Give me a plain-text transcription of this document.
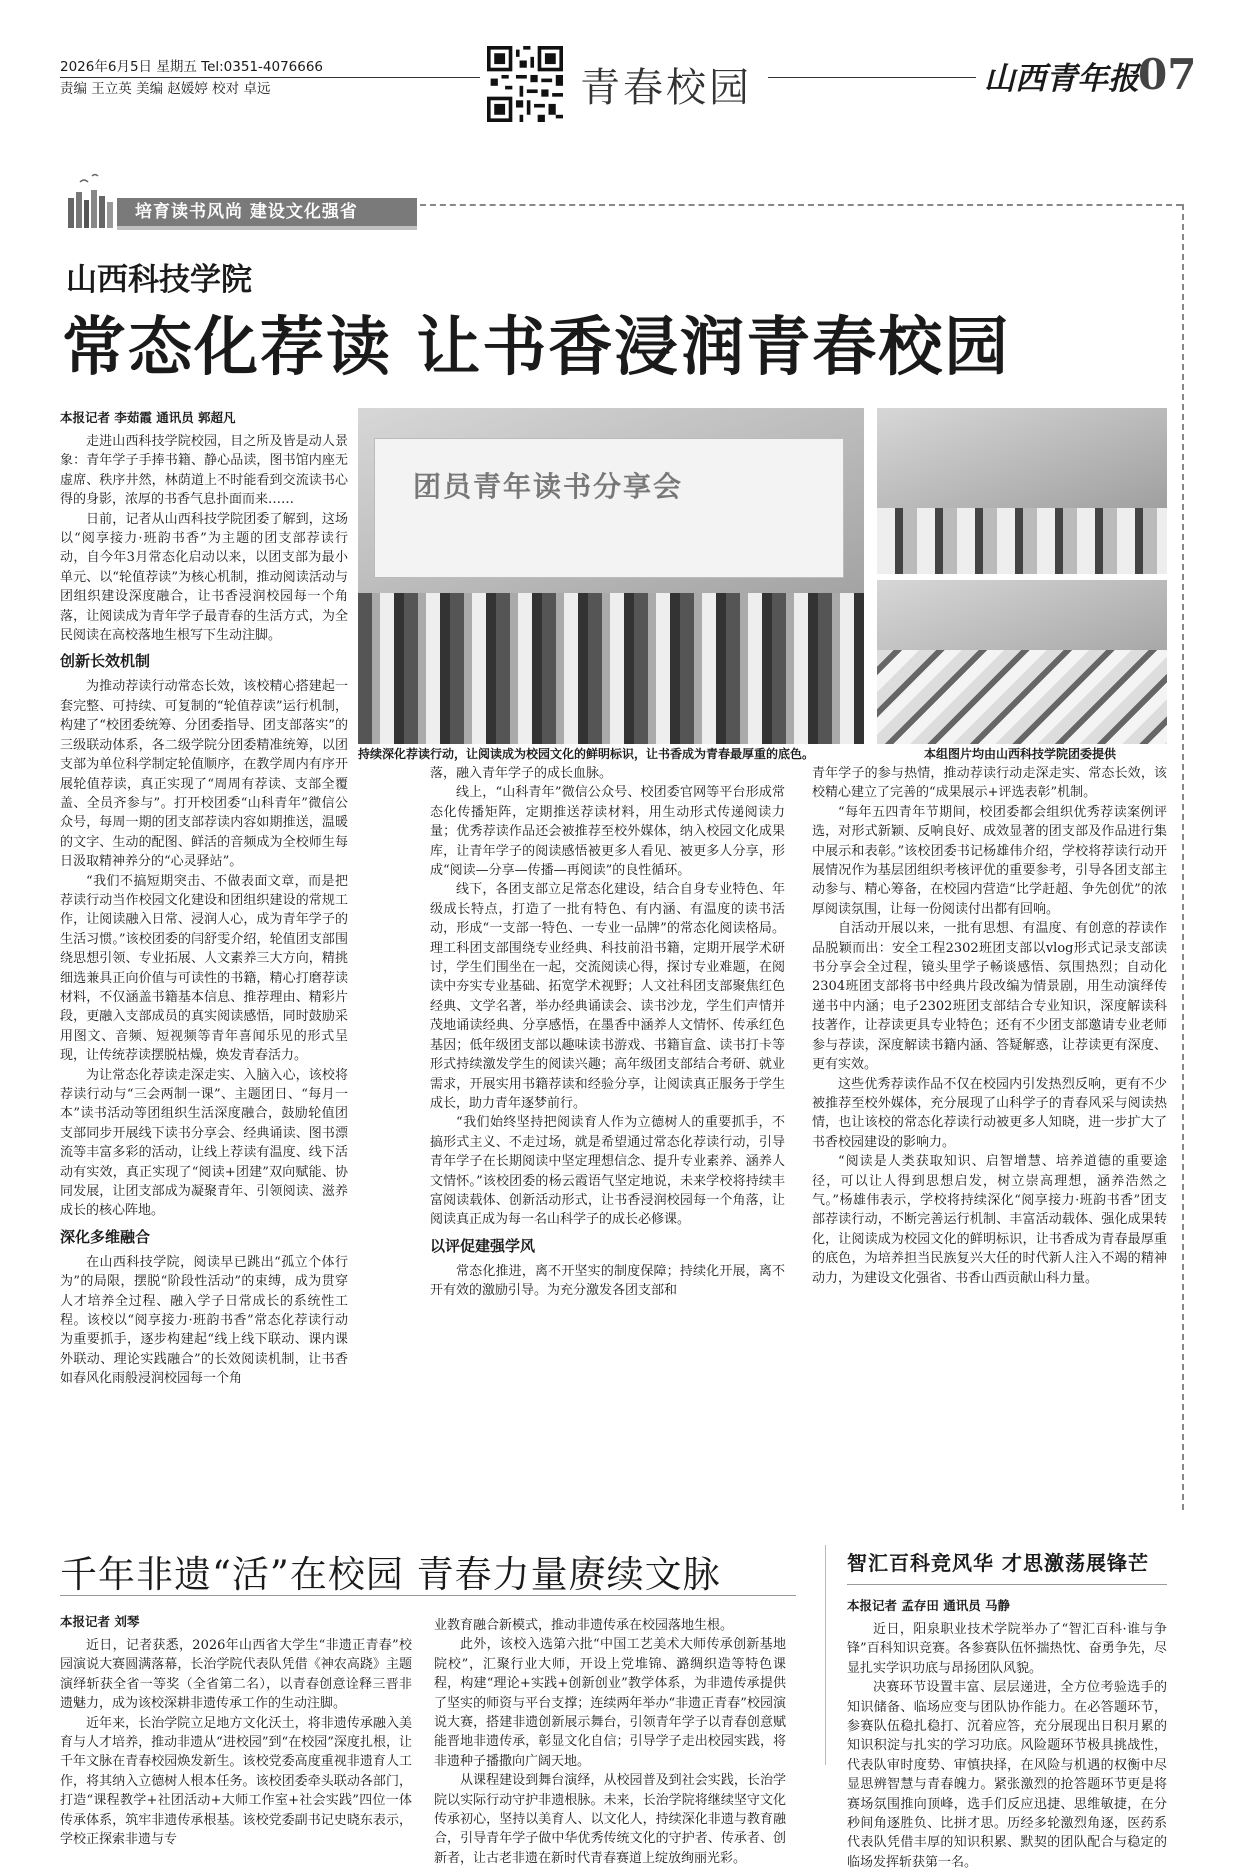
2026年6月5日 星期五 Tel:0351-4076666
责编 王立英 美编 赵媛婷 校对 卓远	青春校园	山西青年报 07
培育读书风尚 建设文化强省
山西科技学院
常态化荐读 让书香浸润青春校园
本报记者 李茹霞 通讯员 郭超凡
团员青年读书分享会
持续深化荐读行动，让阅读成为校园文化的鲜明标识，让书香成为青春最厚重的底色。	本组图片均由山西科技学院团委提供

走进山西科技学院校园，目之所及皆是动人景象：青年学子手捧书籍、静心品读，图书馆内座无虚席、秩序井然，林荫道上不时能看到交流读书心得的身影，浓厚的书香气息扑面而来……

日前，记者从山西科技学院团委了解到，这场以“阅享接力·班韵书香”为主题的团支部荐读行动，自今年3月常态化启动以来，以团支部为最小单元、以“轮值荐读”为核心机制，推动阅读活动与团组织建设深度融合，让书香浸润校园每一个角落，让阅读成为青年学子最青春的生活方式，为全民阅读在高校落地生根写下生动注脚。

创新长效机制

为推动荐读行动常态长效，该校精心搭建起一套完整、可持续、可复制的“轮值荐读”运行机制，构建了“校团委统筹、分团委指导、团支部落实”的三级联动体系，各二级学院分团委精准统筹，以团支部为单位科学制定轮值顺序，在教学周内有序开展轮值荐读，真正实现了“周周有荐读、支部全覆盖、全员齐参与”。打开校团委“山科青年”微信公众号，每周一期的团支部荐读内容如期推送，温暖的文字、生动的配图、鲜活的音频成为全校师生每日汲取精神养分的“心灵驿站”。

“我们不搞短期突击、不做表面文章，而是把荐读行动当作校园文化建设和团组织建设的常规工作，让阅读融入日常、浸润人心，成为青年学子的生活习惯。”该校团委的闫舒雯介绍，轮值团支部围绕思想引领、专业拓展、人文素养三大方向，精挑细选兼具正向价值与可读性的书籍，精心打磨荐读材料，不仅涵盖书籍基本信息、推荐理由、精彩片段，更融入支部成员的真实阅读感悟，同时鼓励采用图文、音频、短视频等青年喜闻乐见的形式呈现，让传统荐读摆脱枯燥，焕发青春活力。

为让常态化荐读走深走实、入脑入心，该校将荐读行动与“三会两制一课”、主题团日、“每月一本”读书活动等团组织生活深度融合，鼓励轮值团支部同步开展线下读书分享会、经典诵读、图书漂流等丰富多彩的活动，让线上荐读有温度、线下活动有实效，真正实现了“阅读+团建”双向赋能、协同发展，让团支部成为凝聚青年、引领阅读、滋养成长的核心阵地。

深化多维融合

在山西科技学院，阅读早已跳出“孤立个体行为”的局限，摆脱“阶段性活动”的束缚，成为贯穿人才培养全过程、融入学子日常成长的系统性工程。该校以“阅享接力·班韵书香”常态化荐读行动为重要抓手，逐步构建起“线上线下联动、课内课外联动、理论实践融合”的长效阅读机制，让书香如春风化雨般浸润校园每一个角

落，融入青年学子的成长血脉。

线上，“山科青年”微信公众号、校团委官网等平台形成常态化传播矩阵，定期推送荐读材料，用生动形式传递阅读力量；优秀荐读作品还会被推荐至校外媒体，纳入校园文化成果库，让青年学子的阅读感悟被更多人看见、被更多人分享，形成“阅读—分享—传播—再阅读”的良性循环。

线下，各团支部立足常态化建设，结合自身专业特色、年级成长特点，打造了一批有特色、有内涵、有温度的读书活动，形成“一支部一特色、一专业一品牌”的常态化阅读格局。理工科团支部围绕专业经典、科技前沿书籍，定期开展学术研讨，学生们围坐在一起，交流阅读心得，探讨专业难题，在阅读中夯实专业基础、拓宽学术视野；人文社科团支部聚焦红色经典、文学名著，举办经典诵读会、读书沙龙，学生们声情并茂地诵读经典、分享感悟，在墨香中涵养人文情怀、传承红色基因；低年级团支部以趣味读书游戏、书籍盲盒、读书打卡等形式持续激发学生的阅读兴趣；高年级团支部结合考研、就业需求，开展实用书籍荐读和经验分享，让阅读真正服务于学生成长，助力青年逐梦前行。

“我们始终坚持把阅读育人作为立德树人的重要抓手，不搞形式主义、不走过场，就是希望通过常态化荐读行动，引导青年学子在长期阅读中坚定理想信念、提升专业素养、涵养人文情怀。”该校团委的杨云霞语气坚定地说，未来学校将持续丰富阅读载体、创新活动形式，让书香浸润校园每一个角落，让阅读真正成为每一名山科学子的成长必修课。

以评促建强学风

常态化推进，离不开坚实的制度保障；持续化开展，离不开有效的激励引导。为充分激发各团支部和

青年学子的参与热情，推动荐读行动走深走实、常态长效，该校精心建立了完善的“成果展示+评选表彰”机制。

“每年五四青年节期间，校团委都会组织优秀荐读案例评选，对形式新颖、反响良好、成效显著的团支部及作品进行集中展示和表彰。”该校团委书记杨雄伟介绍，学校将荐读行动开展情况作为基层团组织考核评优的重要参考，引导各团支部主动参与、精心筹备，在校园内营造“比学赶超、争先创优”的浓厚阅读氛围，让每一份阅读付出都有回响。

自活动开展以来，一批有思想、有温度、有创意的荐读作品脱颖而出：安全工程2302班团支部以vlog形式记录支部读书分享会全过程，镜头里学子畅谈感悟、氛围热烈；自动化2304班团支部将书中经典片段改编为情景剧，用生动演绎传递书中内涵；电子2302班团支部结合专业知识，深度解读科技著作，让荐读更具专业特色；还有不少团支部邀请专业老师参与荐读，深度解读书籍内涵、答疑解惑，让荐读更有深度、更有实效。

这些优秀荐读作品不仅在校园内引发热烈反响，更有不少被推荐至校外媒体，充分展现了山科学子的青春风采与阅读热情，也让该校的常态化荐读行动被更多人知晓，进一步扩大了书香校园建设的影响力。

“阅读是人类获取知识、启智增慧、培养道德的重要途径，可以让人得到思想启发，树立崇高理想，涵养浩然之气。”杨雄伟表示，学校将持续深化“阅享接力·班韵书香”团支部荐读行动，不断完善运行机制、丰富活动载体、强化成果转化，让阅读成为校园文化的鲜明标识，让书香成为青春最厚重的底色，为培养担当民族复兴大任的时代新人注入不竭的精神动力，为建设文化强省、书香山西贡献山科力量。

千年非遗“活”在校园 青春力量赓续文脉
本报记者 刘琴

近日，记者获悉，2026年山西省大学生“非遗正青春”校园演说大赛圆满落幕，长治学院代表队凭借《神农高跷》主题演绎斩获全省一等奖（全省第二名），以青春创意诠释三晋非遗魅力，成为该校深耕非遗传承工作的生动注脚。

近年来，长治学院立足地方文化沃土，将非遗传承融入美育与人才培养，推动非遗从“进校园”到“在校园”深度扎根，让千年文脉在青春校园焕发新生。该校党委高度重视非遗育人工作，将其纳入立德树人根本任务。该校团委牵头联动各部门，打造“课程教学+社团活动+大师工作室+社会实践”四位一体传承体系，筑牢非遗传承根基。该校党委副书记史晓东表示，学校正探索非遗与专

业教育融合新模式，推动非遗传承在校园落地生根。

此外，该校入选第六批“中国工艺美术大师传承创新基地院校”，汇聚行业大师，开设上党堆锦、潞绸织造等特色课程，构建“理论+实践+创新创业”教学体系，为非遗传承提供了坚实的师资与平台支撑；连续两年举办“非遗正青春”校园演说大赛，搭建非遗创新展示舞台，引领青年学子以青春创意赋能晋地非遗传承，彰显文化自信；引导学子走出校园实践，将非遗种子播撒向广阔天地。

从课程建设到舞台演绎，从校园普及到社会实践，长治学院以实际行动守护非遗根脉。未来，长治学院将继续坚守文化传承初心，坚持以美育人、以文化人，持续深化非遗与教育融合，引导青年学子做中华优秀传统文化的守护者、传承者、创新者，让古老非遗在新时代青春赛道上绽放绚丽光彩。

智汇百科竞风华 才思激荡展锋芒
本报记者 孟存田 通讯员 马静

近日，阳泉职业技术学院举办了“智汇百科·谁与争锋”百科知识竞赛。各参赛队伍怀揣热忱、奋勇争先，尽显扎实学识功底与昂扬团队风貌。

决赛环节设置丰富、层层递进，全方位考验选手的知识储备、临场应变与团队协作能力。在必答题环节，参赛队伍稳扎稳打、沉着应答，充分展现出日积月累的知识积淀与扎实的学习功底。风险题环节极具挑战性，代表队审时度势、审慎抉择，在风险与机遇的权衡中尽显思辨智慧与青春魄力。紧张激烈的抢答题环节更是将赛场氛围推向顶峰，选手们反应迅捷、思维敏捷，在分秒间角逐胜负、比拼才思。历经多轮激烈角逐，医药系代表队凭借丰厚的知识积累、默契的团队配合与稳定的临场发挥斩获第一名。
